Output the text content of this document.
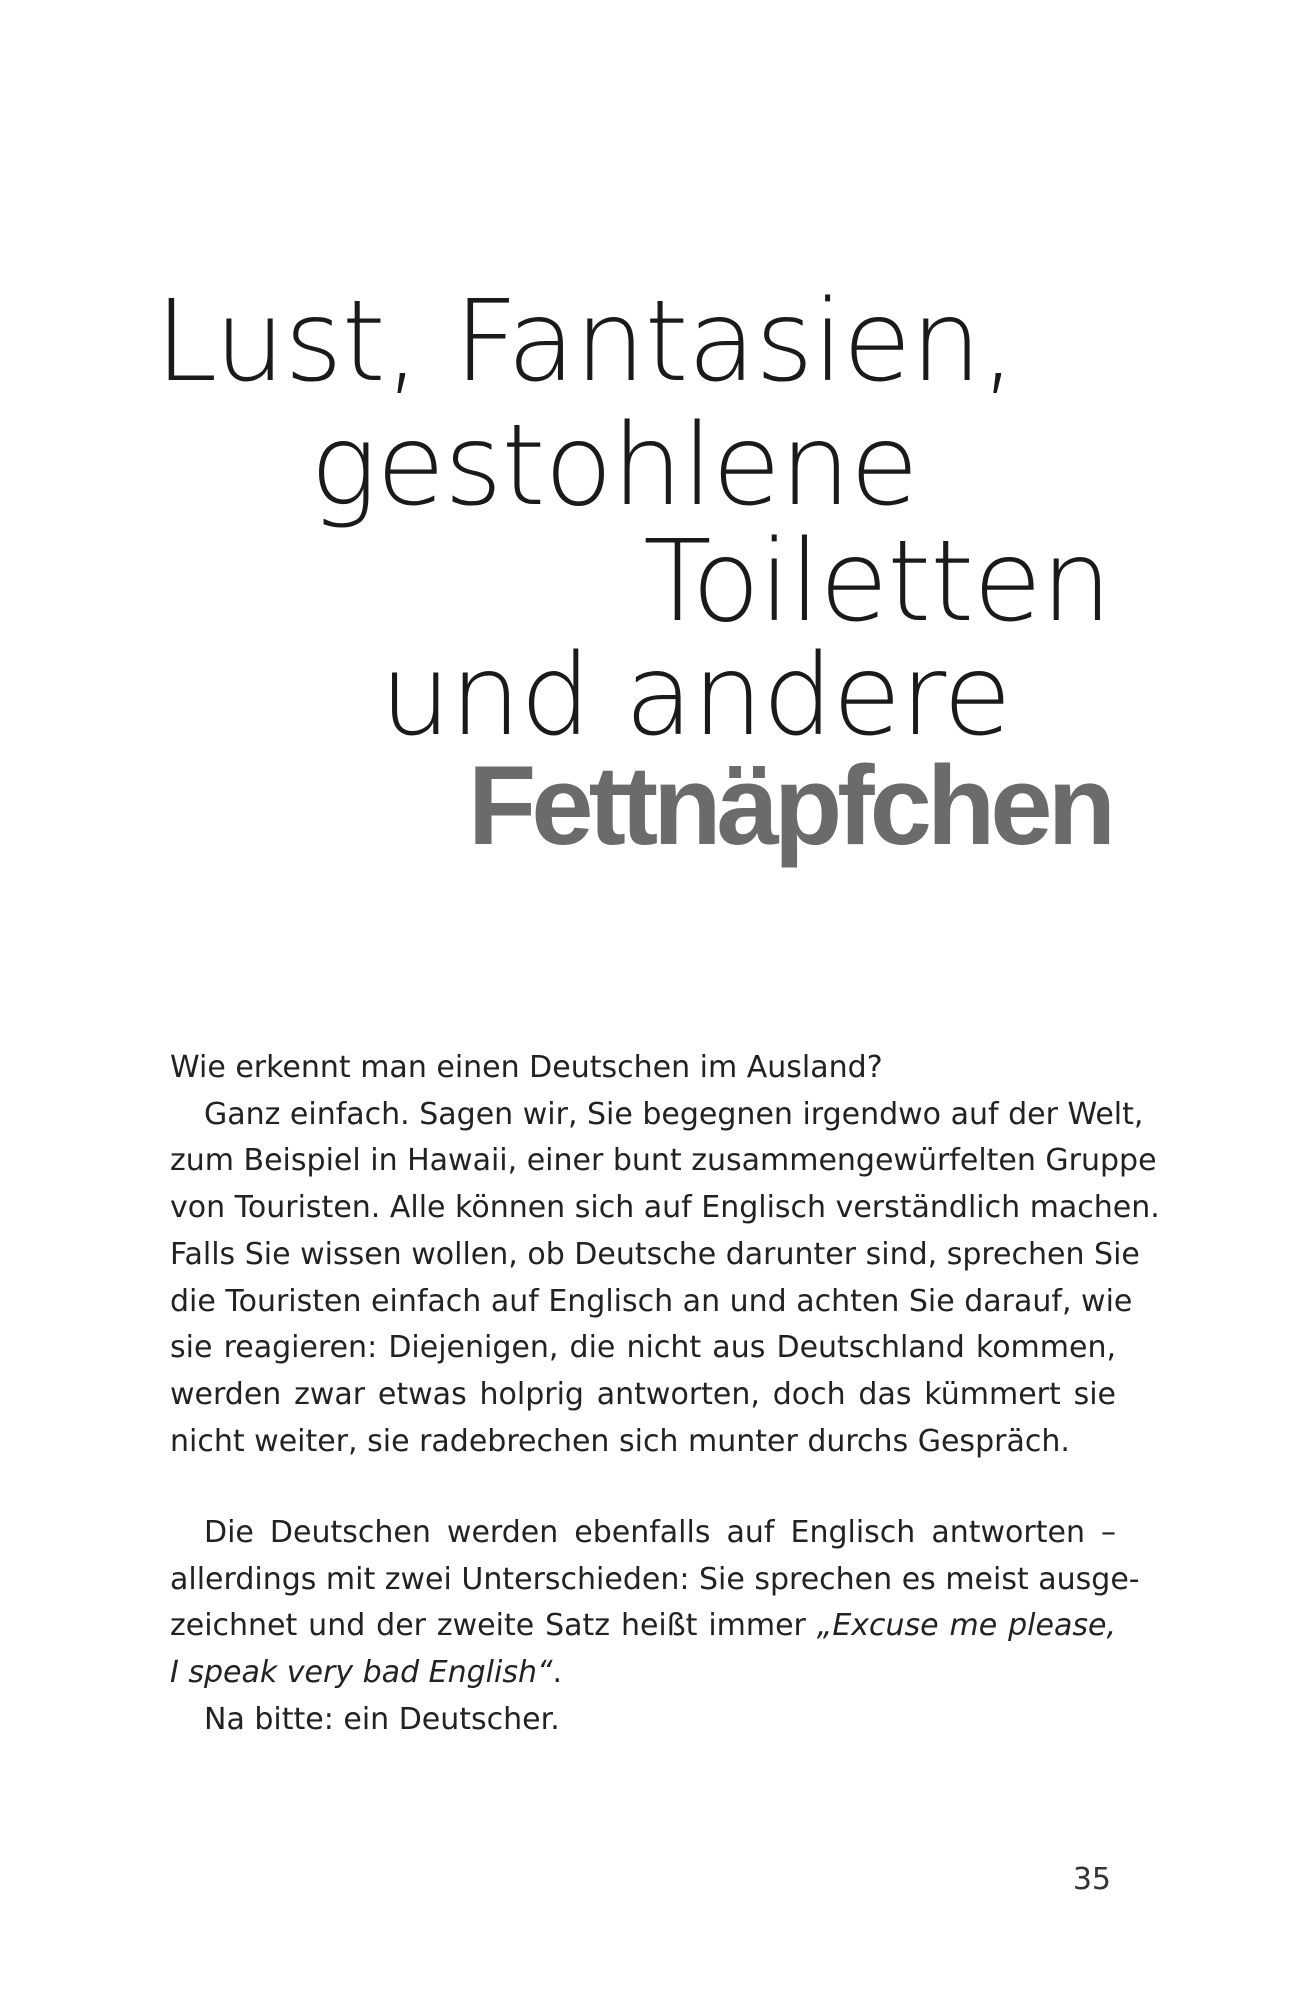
Lust, Fantasien,
gestohlene
Toiletten
und andere
Fettnäpfchen
Wie erkennt man einen Deutschen im Ausland?
Ganz einfach. Sagen wir, Sie begegnen irgendwo auf der Welt,
zum Beispiel in Hawaii, einer bunt zusammengewürfelten Gruppe
von Touristen. Alle können sich auf Englisch verständlich machen.
Falls Sie wissen wollen, ob Deutsche darunter sind, sprechen Sie
die Touristen einfach auf Englisch an und achten Sie darauf, wie
sie reagieren: Diejenigen, die nicht aus Deutschland kommen,
werden zwar etwas holprig antworten, doch das kümmert sie
nicht weiter, sie radebrechen sich munter durchs Gespräch.
Die Deutschen werden ebenfalls auf Englisch antworten –
allerdings mit zwei Unterschieden: Sie sprechen es meist ausge-
zeichnet und der zweite Satz heißt immer „Excuse me please,
I speak very bad English“.
Na bitte: ein Deutscher.
35
